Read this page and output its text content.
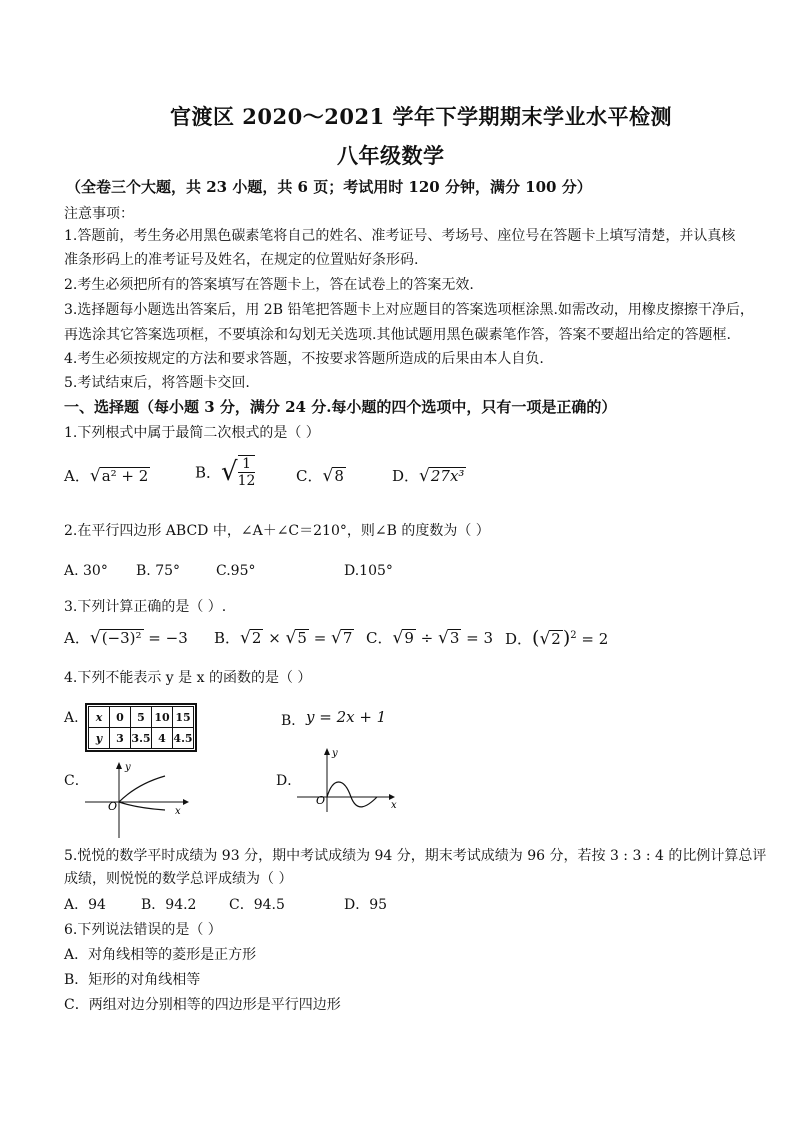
官渡区 2020～2021 学年下学期期末学业水平检测
八年级数学
（全卷三个大题，共 23 小题，共 6 页；考试用时 120 分钟，满分 100 分）
注意事项：
1.答题前，考生务必用黑色碳素笔将自己的姓名、准考证号、考场号、座位号在答题卡上填写清楚，并认真核
准条形码上的准考证号及姓名，在规定的位置贴好条形码.
2.考生必须把所有的答案填写在答题卡上，答在试卷上的答案无效.
3.选择题每小题选出答案后，用 2B 铅笔把答题卡上对应题目的答案选项框涂黑.如需改动，用橡皮擦擦干净后，
再选涂其它答案选项框，不要填涂和勾划无关选项.其他试题用黑色碳素笔作答，答案不要超出给定的答题框.
4.考生必须按规定的方法和要求答题，不按要求答题所造成的后果由本人自负.
5.考试结束后，将答题卡交回.
一、选择题（每小题 3 分，满分 24 分.每小题的四个选项中，只有一项是正确的）
1.下列根式中属于最简二次根式的是（ ）
A．√a² + 2	B．√ $\frac{1}{12}$	C．√8	D．√27x³
2.在平行四边形 ABCD 中，∠A＋∠C＝210°，则∠B 的度数为（ ）
A. 30° B. 75°	C.95°	D.105°
3.下列计算正确的是（ ）.
A．√(−3)² = −3 B．√2 × √5 = √7 C．√9 ÷ √3 = 3 D．(√2 )$^2$ = 2
4.下列不能表示 y 是 x 的函数的是（ ）
A. x	0	5	10	15
y	3	3.5	4	4.5
B． y = 2x + 1
C．
y
x
O
D．
y
x
O
5.悦悦的数学平时成绩为 93 分，期中考试成绩为 94 分，期末考试成绩为 96 分，若按 3 : 3 : 4 的比例计算总评
成绩，则悦悦的数学总评成绩为（ ）
A．94	B．94.2 C．94.5	D．95
6.下列说法错误的是（ ）
A．对角线相等的菱形是正方形
B．矩形的对角线相等
C．两组对边分别相等的四边形是平行四边形
